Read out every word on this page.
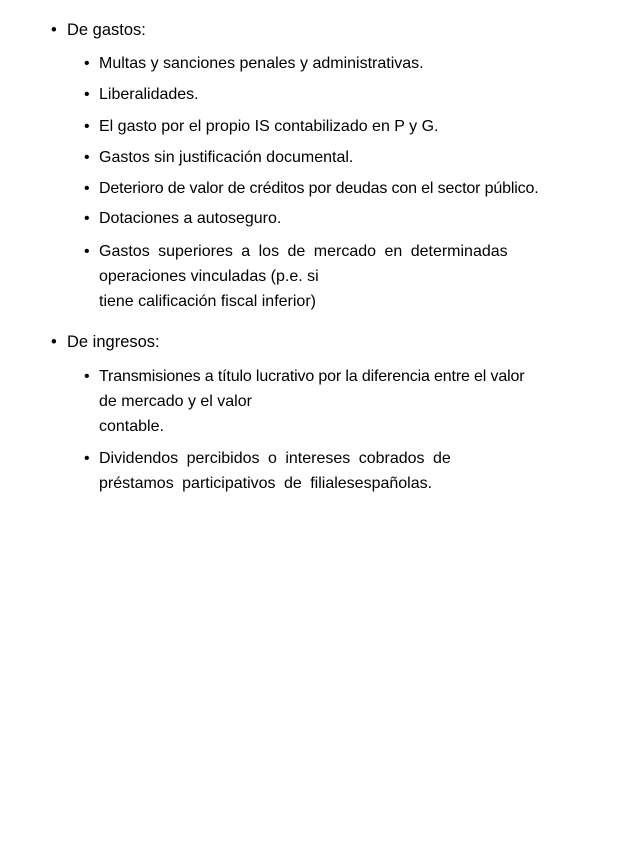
• De gastos:
• Multas y sanciones penales y administrativas.
• Liberalidades.
• El gasto por el propio IS contabilizado en P y G.
• Gastos sin justificación documental.
• Deterioro de valor de créditos por deudas con el sector público.
• Dotaciones a autoseguro.
• Gastos superiores a los de mercado en determinadas
operaciones vinculadas (p.e. si
tiene calificación fiscal inferior)
• De ingresos:
• Transmisiones a título lucrativo por la diferencia entre el valor
de mercado y el valor
contable.
• Dividendos percibidos o intereses cobrados de
préstamos participativos de filialesespañolas.
